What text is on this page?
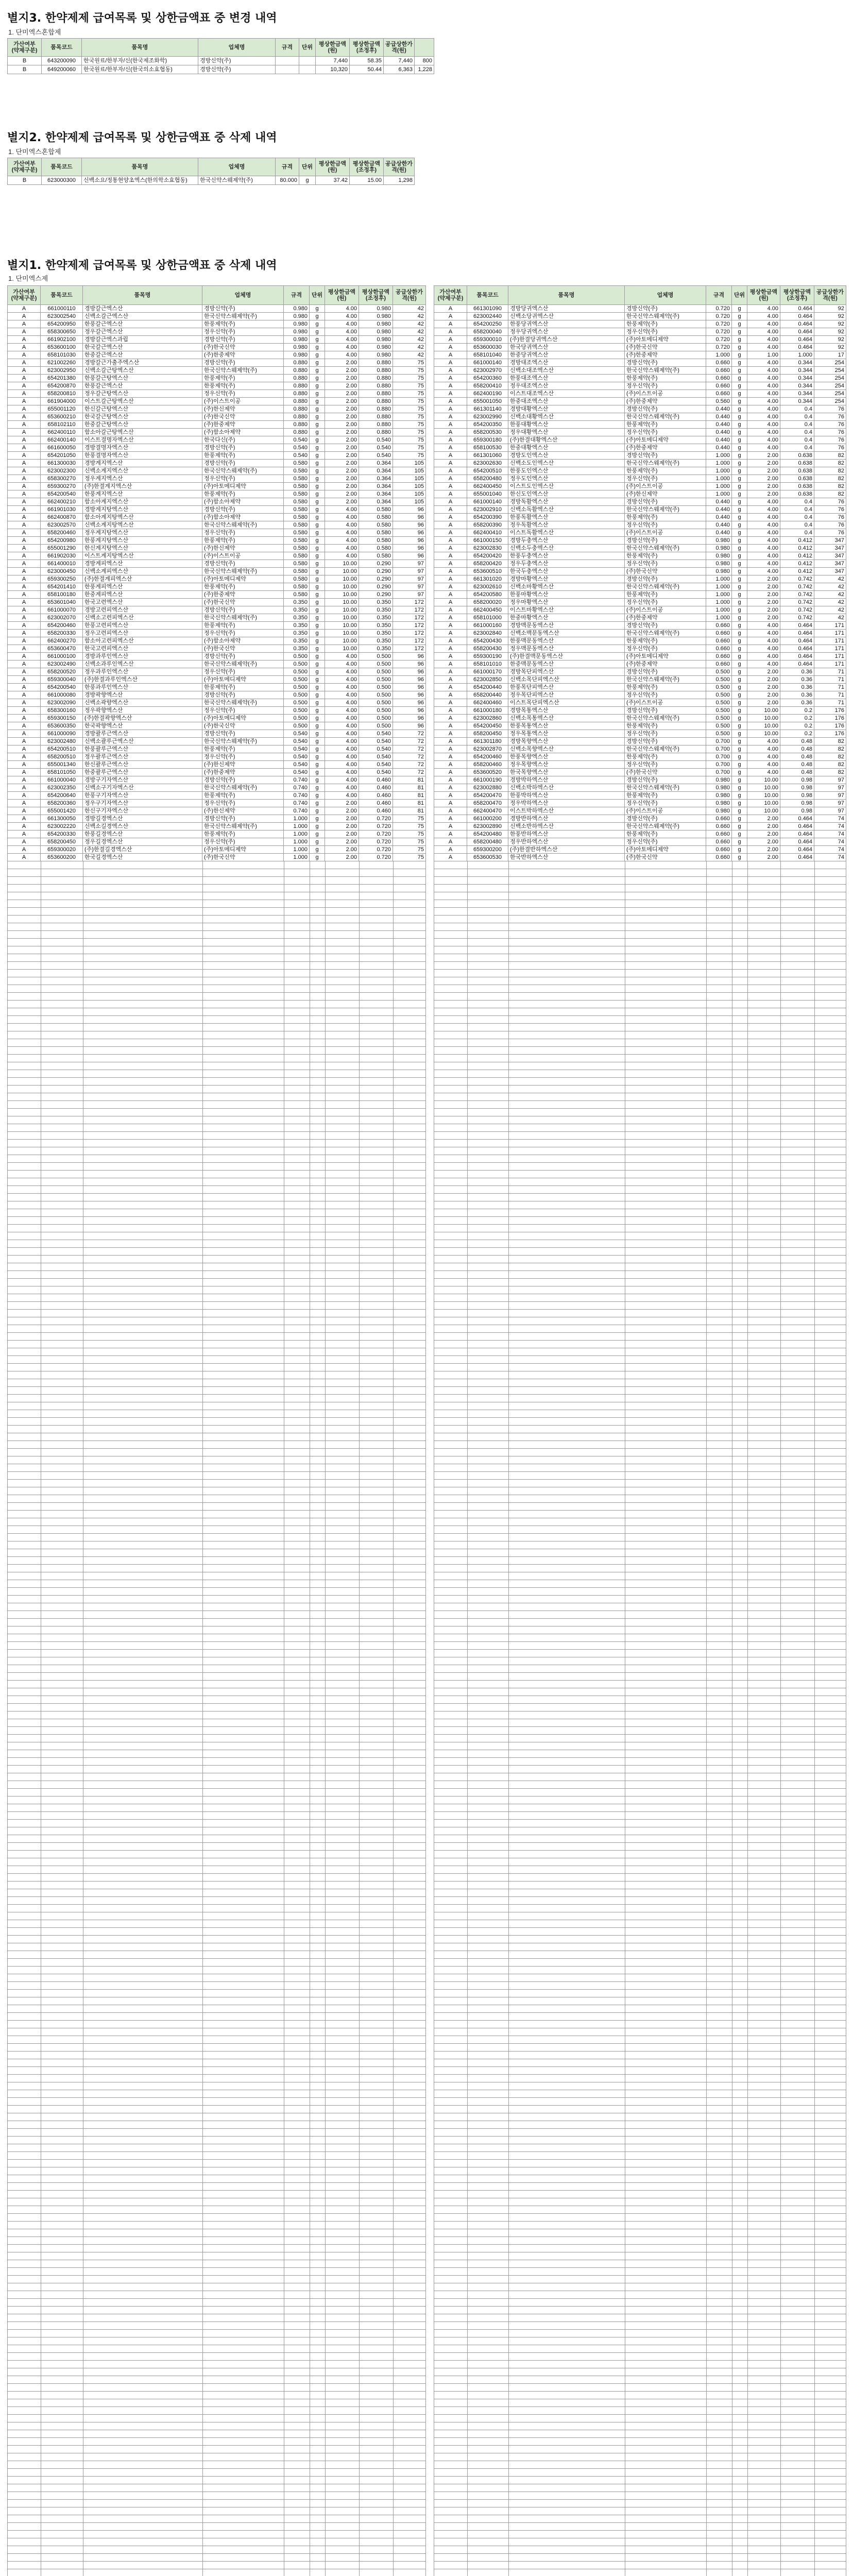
별지3. 한약제제 급여목록 및 상한금액표 중 변경 내역
1. 단미엑스혼합제
가산여부
(약제구분)	품목코드	품목명	업체명	규격	단위	평상한금액
(원)	평상한금액
(조정후)	공급상한가
격(원)	
B	643200090	한국원료/한부자/신(한국제조화학)	경방신약(주)			7,440	58.35	7,440	800
B	649200060	한국원료/한부자/신(한국의소효협동)	경방신약(주)			10,320	50.44	6,363	1,228
별지2. 한약제제 급여목록 및 상한금액표 중 삭제 내역
1. 단미엑스혼합제
가산여부
(약제구분)	품목코드	품목명	업체명	규격	단위	평상한금액
(원)	평상한금액
(조정후)	공급상한가
격(원)
B	623000300	신백소요/정통현양초엑스(한의학소효협동)	한국신약스웨제약(주)	80.000	g	37.42	15.00	1,298
별지1. 한약제제 급여목록 및 상한금액표 중 삭제 내역
1. 단미엑스제
가산여부
(약제구분)	품목코드	품목명	업체명	규격	단위	평상한금액
(원)	평상한금액
(조정후)	공급상한가
격(원)
A	661000110	경방갈근엑스산	경방신약(주)	0.980	g	4.00	0.980	42
A	623002540	신백소갈근엑스산	한국신약스웨제약(주)	0.980	g	4.00	0.980	42
A	654200950	한풍갈근엑스산	한풍제약(주)	0.980	g	4.00	0.980	42
A	658300650	정우갈근엑스산	정우신약(주)	0.980	g	4.00	0.980	42
A	661902100	경방갈근엑스과립	경방신약(주)	0.980	g	4.00	0.980	42
A	653600100	한국갈근엑스산	(주)한국신약	0.980	g	4.00	0.980	42
A	658101030	한중갈근엑스산	(주)한중제약	0.980	g	4.00	0.980	42
A	621002260	경방갈근가출주엑스산	경방신약(주)	0.880	g	2.00	0.880	75
A	623002950	신백소갈근탕엑스산	한국신약스웨제약(주)	0.880	g	2.00	0.880	75
A	654201380	한풍갈근탕엑스산	한풍제약(주)	0.880	g	2.00	0.880	75
A	654200870	한풍갈근엑스산	한풍제약(주)	0.880	g	2.00	0.880	75
A	658200810	정우갈근탕엑스산	정우신약(주)	0.880	g	2.00	0.880	75
A	661904000	이스트갈근탕엑스산	(주)이스트이공	0.880	g	2.00	0.880	75
A	655001120	한신갈근탕엑스산	(주)한신제약	0.880	g	2.00	0.880	75
A	653600210	한국갈근탕엑스산	(주)한국신약	0.880	g	2.00	0.880	75
A	658102110	한중갈근탕엑스산	(주)한중제약	0.880	g	2.00	0.880	75
A	662400110	함소아갈근탕엑스산	(주)함소아제약	0.880	g	2.00	0.880	75
A	662400140	이스트결명자엑스산	한국다신(주)	0.540	g	2.00	0.540	75
A	661600050	경방결명자엑스산	경방신약(주)	0.540	g	2.00	0.540	75
A	654201050	한풍결명자엑스산	한풍제약(주)	0.540	g	2.00	0.540	75
A	661300030	경방계지엑스산	경방신약(주)	0.580	g	2.00	0.364	105
A	623002300	신백소계지엑스산	한국신약스웨제약(주)	0.580	g	2.00	0.364	105
A	658300270	정우계지엑스산	정우신약(주)	0.580	g	2.00	0.364	105
A	659300270	(주)한결계지엑스산	(주)아토메디제약	0.580	g	2.00	0.364	105
A	654200540	한풍계지엑스산	한풍제약(주)	0.580	g	2.00	0.364	105
A	662400210	함소아계지엑스산	(주)함소아제약	0.580	g	2.00	0.364	105
A	661901030	경방계지탕엑스산	경방신약(주)	0.580	g	4.00	0.580	96
A	662400870	함소아계지탕엑스산	(주)함소아제약	0.580	g	4.00	0.580	96
A	623002570	신백소계지탕엑스산	한국신약스웨제약(주)	0.580	g	4.00	0.580	96
A	658200460	정우계지탕엑스산	정우신약(주)	0.580	g	4.00	0.580	96
A	654200980	한풍계지탕엑스산	한풍제약(주)	0.580	g	4.00	0.580	96
A	655001290	한신계지탕엑스산	(주)한신제약	0.580	g	4.00	0.580	96
A	661902030	이스트계지탕엑스산	(주)이스트이공	0.580	g	4.00	0.580	96
A	661400010	경방계피엑스산	경방신약(주)	0.580	g	10.00	0.290	97
A	623000450	신백소계피엑스산	한국신약스웨제약(주)	0.580	g	10.00	0.290	97
A	659300250	(주)한결계피엑스산	(주)아토메디제약	0.580	g	10.00	0.290	97
A	654201410	한풍계피엑스산	한풍제약(주)	0.580	g	10.00	0.290	97
A	658100180	한중계피엑스산	(주)한중제약	0.580	g	10.00	0.290	97
A	653601040	한국고련엑스산	(주)한국신약	0.350	g	10.00	0.350	172
A	661000070	경방고련피엑스산	경방신약(주)	0.350	g	10.00	0.350	172
A	623002070	신백소고련피엑스산	한국신약스웨제약(주)	0.350	g	10.00	0.350	172
A	654200460	한풍고련피엑스산	한풍제약(주)	0.350	g	10.00	0.350	172
A	658200330	정우고련피엑스산	정우신약(주)	0.350	g	10.00	0.350	172
A	662400270	함소아고련피엑스산	(주)함소아제약	0.350	g	10.00	0.350	172
A	653600470	한국고련피엑스산	(주)한국신약	0.350	g	10.00	0.350	172
A	661000100	경방과루인엑스산	경방신약(주)	0.500	g	4.00	0.500	96
A	623002490	신백소과루인엑스산	한국신약스웨제약(주)	0.500	g	4.00	0.500	96
A	658200520	정우과루인엑스산	정우신약(주)	0.500	g	4.00	0.500	96
A	659300040	(주)한결과루인엑스산	(주)아토메디제약	0.500	g	4.00	0.500	96
A	654200540	한풍과루인엑스산	한풍제약(주)	0.500	g	4.00	0.500	96
A	661000080	경방곽향엑스산	경방신약(주)	0.500	g	4.00	0.500	96
A	623002090	신백소곽향엑스산	한국신약스웨제약(주)	0.500	g	4.00	0.500	96
A	658300160	정우곽향엑스산	정우신약(주)	0.500	g	4.00	0.500	96
A	659300150	(주)한결곽향엑스산	(주)아토메디제약	0.500	g	4.00	0.500	96
A	653600350	한국곽향엑스산	(주)한국신약	0.500	g	4.00	0.500	96
A	661000090	경방괄루근엑스산	경방신약(주)	0.540	g	4.00	0.540	72
A	623002480	신백소괄루근엑스산	한국신약스웨제약(주)	0.540	g	4.00	0.540	72
A	654200510	한풍괄루근엑스산	한풍제약(주)	0.540	g	4.00	0.540	72
A	658200510	정우괄루근엑스산	정우신약(주)	0.540	g	4.00	0.540	72
A	655001340	한신괄루근엑스산	(주)한신제약	0.540	g	4.00	0.540	72
A	658101050	한중괄루근엑스산	(주)한중제약	0.540	g	4.00	0.540	72
A	661000040	경방구기자엑스산	경방신약(주)	0.740	g	4.00	0.460	81
A	623002350	신백소구기자엑스산	한국신약스웨제약(주)	0.740	g	4.00	0.460	81
A	654200640	한풍구기자엑스산	한풍제약(주)	0.740	g	4.00	0.460	81
A	658200360	정우구기자엑스산	정우신약(주)	0.740	g	2.00	0.460	81
A	655001420	한신구기자엑스산	(주)한신제약	0.740	g	2.00	0.460	81
A	661300050	경방길경엑스산	경방신약(주)	1.000	g	2.00	0.720	75
A	623002220	신백소길경엑스산	한국신약스웨제약(주)	1.000	g	2.00	0.720	75
A	654200330	한풍길경엑스산	한풍제약(주)	1.000	g	2.00	0.720	75
A	658200450	정우길경엑스산	정우신약(주)	1.000	g	2.00	0.720	75
A	659300020	(주)한결길경엑스산	(주)아토메디제약	1.000	g	2.00	0.720	75
A	653600200	한국길경엑스산	(주)한국신약	1.000	g	2.00	0.720	75
가산여부
(약제구분)	품목코드	품목명	업체명	규격	단위	평상한금액
(원)	평상한금액
(조정후)	공급상한가
격(원)
A	661301090	경방당귀엑스산	경방신약(주)	0.720	g	4.00	0.464	92
A	623002440	신백소당귀엑스산	한국신약스웨제약(주)	0.720	g	4.00	0.464	92
A	654200250	한풍당귀엑스산	한풍제약(주)	0.720	g	4.00	0.464	92
A	658200040	정우당귀엑스산	정우신약(주)	0.720	g	4.00	0.464	92
A	659300010	(주)한결당귀엑스산	(주)아토메디제약	0.720	g	4.00	0.464	92
A	653600030	한국당귀엑스산	(주)한국신약	0.720	g	4.00	0.464	92
A	658101040	한중당귀엑스산	(주)한중제약	1.000	g	1.00	1.000	17
A	661000140	경방대조엑스산	경방신약(주)	0.660	g	4.00	0.344	254
A	623002970	신백소대조엑스산	한국신약스웨제약(주)	0.660	g	4.00	0.344	254
A	654200360	한풍대조엑스산	한풍제약(주)	0.660	g	4.00	0.344	254
A	658200410	정우대조엑스산	정우신약(주)	0.660	g	4.00	0.344	254
A	662400190	이스트대조엑스산	(주)이스트이공	0.660	g	4.00	0.344	254
A	655001050	한중대조엑스산	(주)한중제약	0.560	g	4.00	0.344	254
A	661301140	경방대황엑스산	경방신약(주)	0.440	g	4.00	0.4	76
A	623002990	신백소대황엑스산	한국신약스웨제약(주)	0.440	g	4.00	0.4	76
A	654200350	한풍대황엑스산	한풍제약(주)	0.440	g	4.00	0.4	76
A	658200530	정우대황엑스산	정우신약(주)	0.440	g	4.00	0.4	76
A	659300180	(주)한결대황엑스산	(주)아토메디제약	0.440	g	4.00	0.4	76
A	658100530	한중대황엑스산	(주)한중제약	0.440	g	4.00	0.4	76
A	661301060	경방도인엑스산	경방신약(주)	1.000	g	2.00	0.638	82
A	623002630	신백소도인엑스산	한국신약스웨제약(주)	1.000	g	2.00	0.638	82
A	654200510	한풍도인엑스산	한풍제약(주)	1.000	g	2.00	0.638	82
A	658200480	정우도인엑스산	정우신약(주)	1.000	g	2.00	0.638	82
A	662400450	이스트도인엑스산	(주)이스트이공	1.000	g	2.00	0.638	82
A	655001040	한신도인엑스산	(주)한신제약	1.000	g	2.00	0.638	82
A	661000140	경방독활엑스산	경방신약(주)	0.440	g	4.00	0.4	76
A	623002910	신백소독활엑스산	한국신약스웨제약(주)	0.440	g	4.00	0.4	76
A	654200390	한풍독활엑스산	한풍제약(주)	0.440	g	4.00	0.4	76
A	658200390	정우독활엑스산	정우신약(주)	0.440	g	4.00	0.4	76
A	662400410	이스트독활엑스산	(주)이스트이공	0.440	g	4.00	0.4	76
A	661000150	경방두충엑스산	경방신약(주)	0.980	g	4.00	0.412	347
A	623002830	신백소두충엑스산	한국신약스웨제약(주)	0.980	g	4.00	0.412	347
A	654200420	한풍두충엑스산	한풍제약(주)	0.980	g	4.00	0.412	347
A	658200420	정우두충엑스산	정우신약(주)	0.980	g	4.00	0.412	347
A	653600510	한국두충엑스산	(주)한국신약	0.980	g	4.00	0.412	347
A	661301020	경방마황엑스산	경방신약(주)	1.000	g	2.00	0.742	42
A	623002610	신백소마황엑스산	한국신약스웨제약(주)	1.000	g	2.00	0.742	42
A	654200580	한풍마황엑스산	한풍제약(주)	1.000	g	2.00	0.742	42
A	658200020	정우마황엑스산	정우신약(주)	1.000	g	2.00	0.742	42
A	662400450	이스트마황엑스산	(주)이스트이공	1.000	g	2.00	0.742	42
A	658101000	한중마황엑스산	(주)한중제약	1.000	g	2.00	0.742	42
A	661000160	경방맥문동엑스산	경방신약(주)	0.660	g	4.00	0.464	171
A	623002840	신백소맥문동엑스산	한국신약스웨제약(주)	0.660	g	4.00	0.464	171
A	654200430	한풍맥문동엑스산	한풍제약(주)	0.660	g	4.00	0.464	171
A	658200430	정우맥문동엑스산	정우신약(주)	0.660	g	4.00	0.464	171
A	659300190	(주)한결맥문동엑스산	(주)아토메디제약	0.660	g	4.00	0.464	171
A	658101010	한중맥문동엑스산	(주)한중제약	0.660	g	4.00	0.464	171
A	661000170	경방목단피엑스산	경방신약(주)	0.500	g	2.00	0.36	71
A	623002850	신백소목단피엑스산	한국신약스웨제약(주)	0.500	g	2.00	0.36	71
A	654200440	한풍목단피엑스산	한풍제약(주)	0.500	g	2.00	0.36	71
A	658200440	정우목단피엑스산	정우신약(주)	0.500	g	2.00	0.36	71
A	662400460	이스트목단피엑스산	(주)이스트이공	0.500	g	2.00	0.36	71
A	661000180	경방목통엑스산	경방신약(주)	0.500	g	10.00	0.2	176
A	623002860	신백소목통엑스산	한국신약스웨제약(주)	0.500	g	10.00	0.2	176
A	654200450	한풍목통엑스산	한풍제약(주)	0.500	g	10.00	0.2	176
A	658200450	정우목통엑스산	정우신약(주)	0.500	g	10.00	0.2	176
A	661301180	경방목향엑스산	경방신약(주)	0.700	g	4.00	0.48	82
A	623002870	신백소목향엑스산	한국신약스웨제약(주)	0.700	g	4.00	0.48	82
A	654200460	한풍목향엑스산	한풍제약(주)	0.700	g	4.00	0.48	82
A	658200460	정우목향엑스산	정우신약(주)	0.700	g	4.00	0.48	82
A	653600520	한국목향엑스산	(주)한국신약	0.700	g	4.00	0.48	82
A	661000190	경방박하엑스산	경방신약(주)	0.980	g	10.00	0.98	97
A	623002880	신백소박하엑스산	한국신약스웨제약(주)	0.980	g	10.00	0.98	97
A	654200470	한풍박하엑스산	한풍제약(주)	0.980	g	10.00	0.98	97
A	658200470	정우박하엑스산	정우신약(주)	0.980	g	10.00	0.98	97
A	662400470	이스트박하엑스산	(주)이스트이공	0.980	g	10.00	0.98	97
A	661000200	경방반하엑스산	경방신약(주)	0.660	g	2.00	0.464	74
A	623002890	신백소반하엑스산	한국신약스웨제약(주)	0.660	g	2.00	0.464	74
A	654200480	한풍반하엑스산	한풍제약(주)	0.660	g	2.00	0.464	74
A	658200480	정우반하엑스산	정우신약(주)	0.660	g	2.00	0.464	74
A	659300200	(주)한결반하엑스산	(주)아토메디제약	0.660	g	2.00	0.464	74
A	653600530	한국반하엑스산	(주)한국신약	0.660	g	2.00	0.464	74
